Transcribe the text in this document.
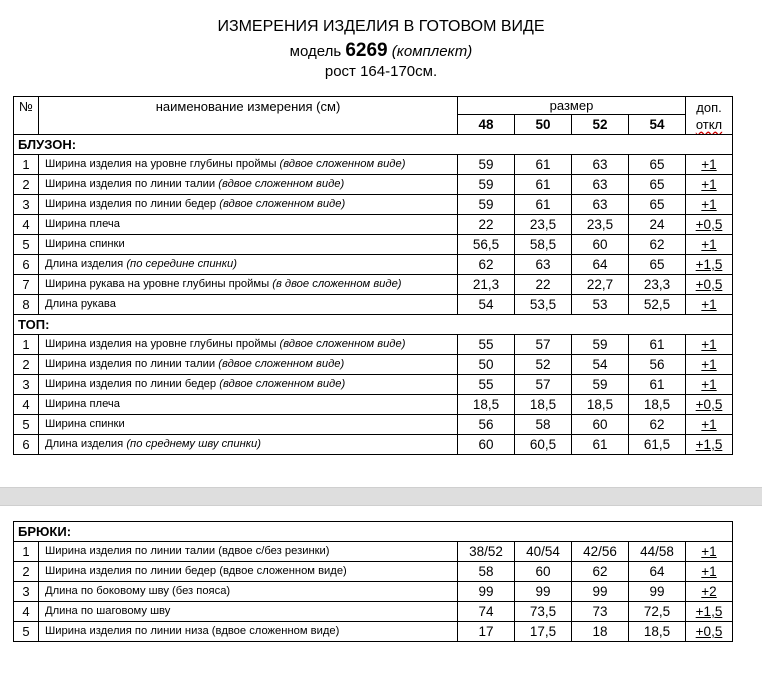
ИЗМЕРЕНИЯ ИЗДЕЛИЯ В ГОТОВОМ ВИДЕ
модель 6269 (комплект)
рост 164-170см.
№	наименование измерения (см)	размер				доп.
откл

		48	50	52	54	
БЛУЗОН:						
1	Ширина изделия на уровне глубины проймы (вдвое сложенном виде)	59	61	63	65	+1
2	Ширина изделия по линии талии (вдвое сложенном виде)	59	61	63	65	+1
3	Ширина изделия по линии бедер (вдвое сложенном виде)	59	61	63	65	+1
4	Ширина плеча	22	23,5	23,5	24	+0,5
5	Ширина спинки	56,5	58,5	60	62	+1
6	Длина изделия (по середине спинки)	62	63	64	65	+1,5
7	Ширина рукава на уровне глубины проймы (в двое сложенном виде)	21,3	22	22,7	23,3	+0,5
8	Длина рукава	54	53,5	53	52,5	+1
ТОП:						
1	Ширина изделия на уровне глубины проймы (вдвое сложенном виде)	55	57	59	61	+1
2	Ширина изделия по линии талии (вдвое сложенном виде)	50	52	54	56	+1
3	Ширина изделия по линии бедер (вдвое сложенном виде)	55	57	59	61	+1
4	Ширина плеча	18,5	18,5	18,5	18,5	+0,5
5	Ширина спинки	56	58	60	62	+1
6	Длина изделия (по среднему шву спинки)	60	60,5	61	61,5	+1,5
БРЮКИ:						
1	Ширина изделия по линии талии (вдвое с/без резинки)	38/52	40/54	42/56	44/58	+1
2	Ширина изделия по линии бедер (вдвое сложенном виде)	58	60	62	64	+1
3	Длина по боковому шву (без пояса)	99	99	99	99	+2
4	Длина по шаговому шву	74	73,5	73	72,5	+1,5
5	Ширина изделия по линии низа (вдвое сложенном виде)	17	17,5	18	18,5	+0,5
